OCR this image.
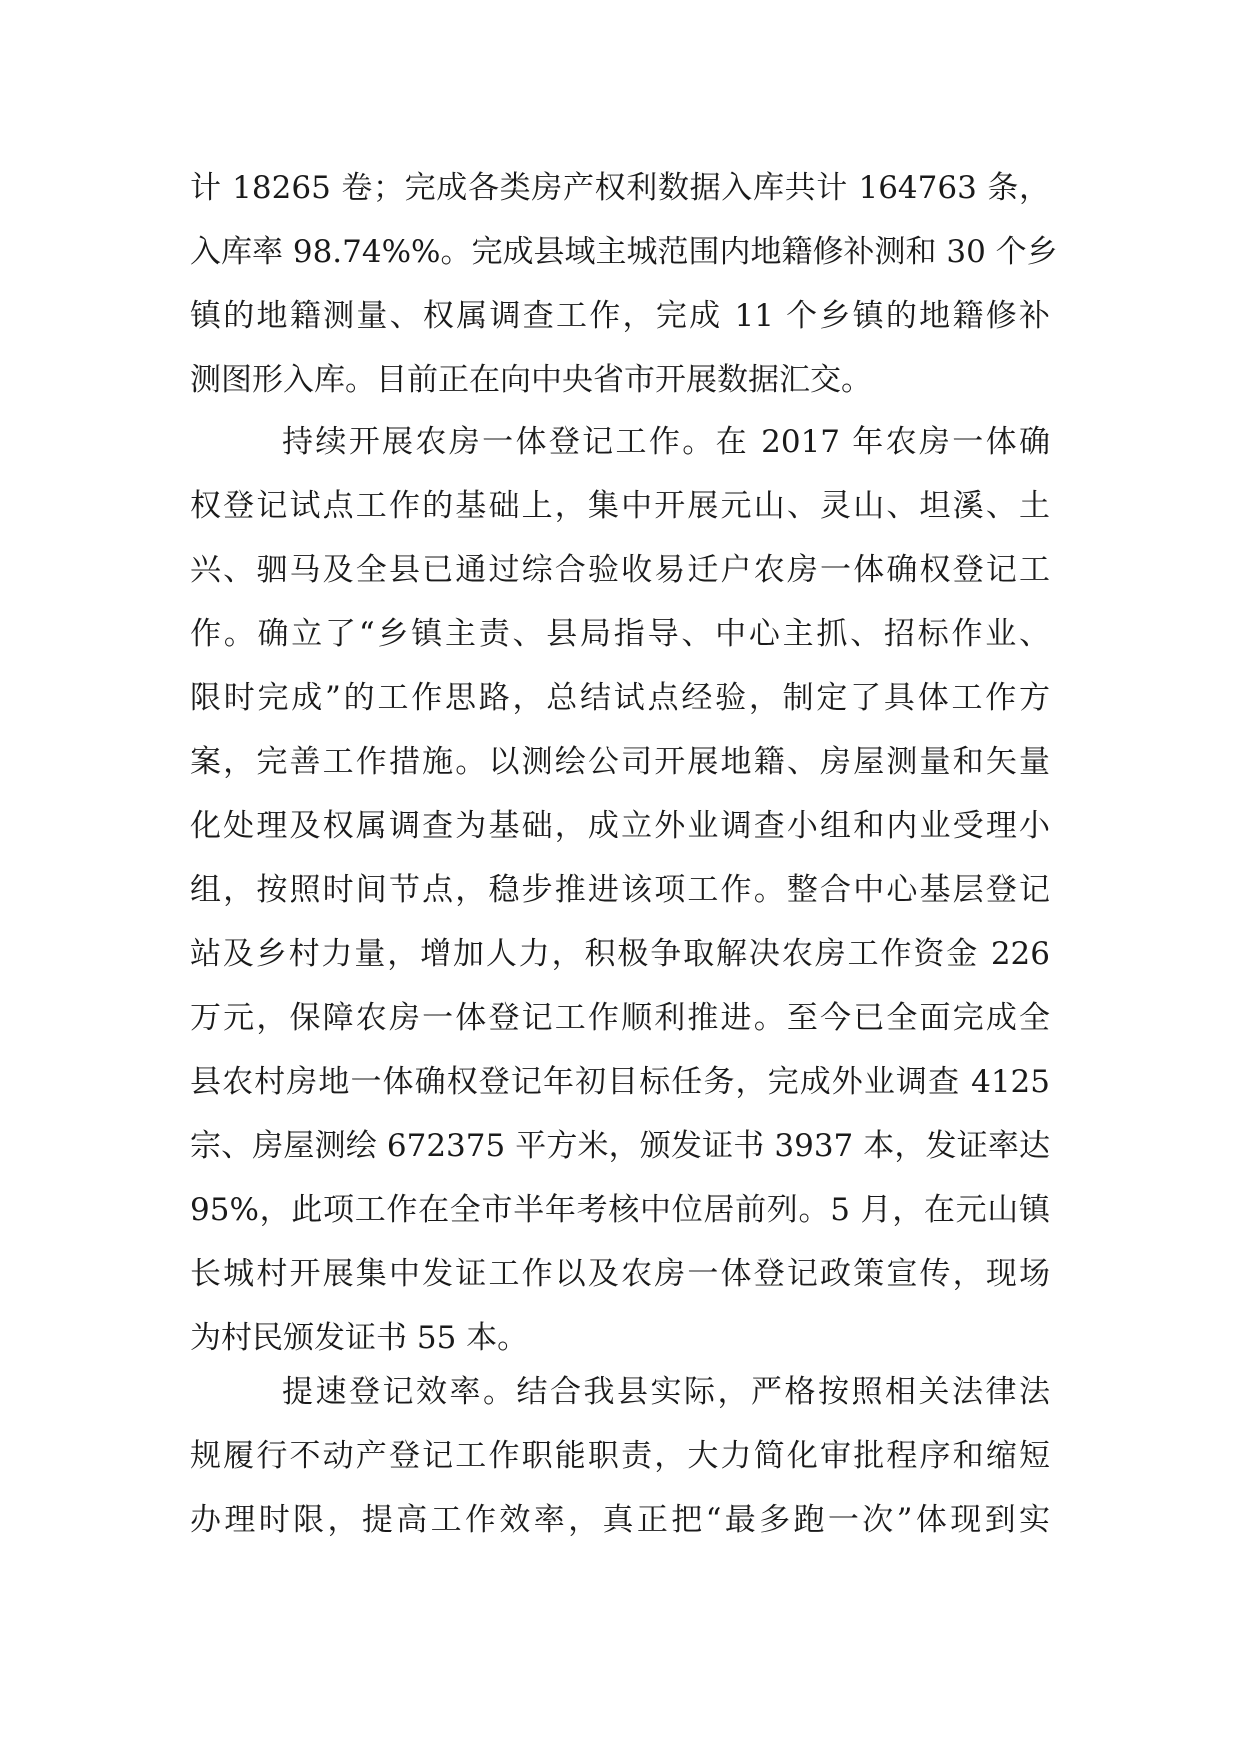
计 18265 卷；完成各类房产权利数据入库共计 164763 条，
入库率 98.74%%。完成县域主城范围内地籍修补测和 30 个乡
镇的地籍测量、权属调查工作，完成 11 个乡镇的地籍修补
测图形入库。目前正在向中央省市开展数据汇交。
持续开展农房一体登记工作。在 2017 年农房一体确
权登记试点工作的基础上，集中开展元山、灵山、坦溪、土
兴、驷马及全县已通过综合验收易迁户农房一体确权登记工
作。确立了“乡镇主责、县局指导、中心主抓、招标作业、
限时完成”的工作思路，总结试点经验，制定了具体工作方
案，完善工作措施。以测绘公司开展地籍、房屋测量和矢量
化处理及权属调查为基础，成立外业调查小组和内业受理小
组，按照时间节点，稳步推进该项工作。整合中心基层登记
站及乡村力量，增加人力，积极争取解决农房工作资金 226
万元，保障农房一体登记工作顺利推进。至今已全面完成全
县农村房地一体确权登记年初目标任务，完成外业调查 4125
宗、房屋测绘 672375 平方米，颁发证书 3937 本，发证率达
95%，此项工作在全市半年考核中位居前列。5 月，在元山镇
长城村开展集中发证工作以及农房一体登记政策宣传，现场
为村民颁发证书 55 本。
提速登记效率。结合我县实际，严格按照相关法律法
规履行不动产登记工作职能职责，大力简化审批程序和缩短
办理时限，提高工作效率，真正把“最多跑一次”体现到实
